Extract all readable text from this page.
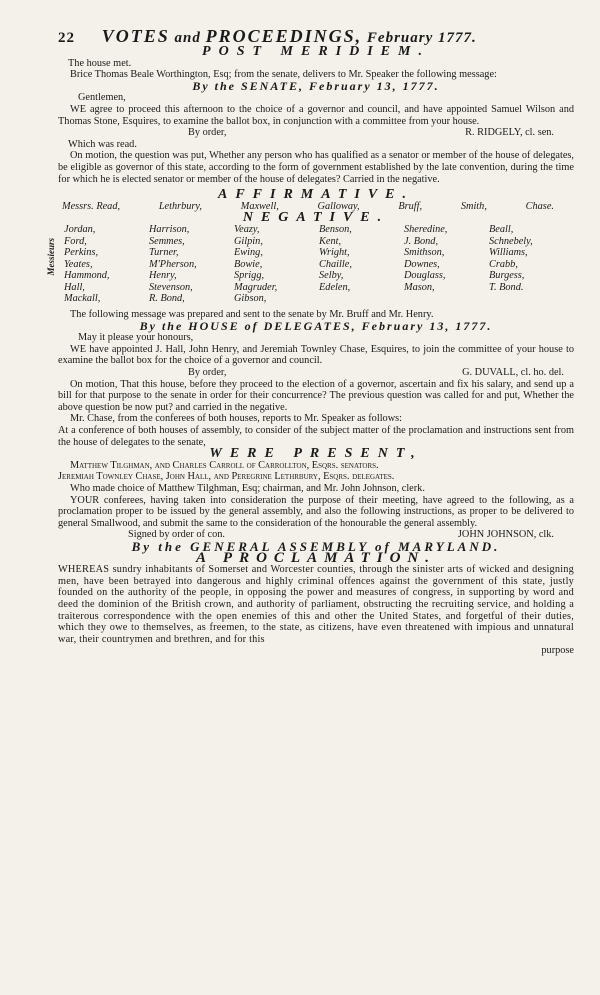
22 VOTES and PROCEEDINGS, February 1777.
POST MERIDIEM.

The house met.

Brice Thomas Beale Worthington, Esq; from the senate, delivers to Mr. Speaker the following message:

By the SENATE, February 13, 1777.

Gentlemen,

WE agree to proceed this afternoon to the choice of a governor and council, and have appointed Samuel Wilson and Thomas Stone, Esquires, to examine the ballot box, in conjunction with a committee from your house.

By order,	R. RIDGELY, cl. sen.

Which was read.

On motion, the question was put, Whether any person who has qualified as a senator or member of the house of delegates, be eligible as governor of this state, according to the form of government established by the late convention, during the time for which he is elected senator or member of the house of delegates? Carried in the negative.

AFFIRMATIVE.
Messrs. Read,	Lethrbury,	Maxwell,	Galloway,	Bruff,	Smith,	Chase.
NEGATIVE.
Messieurs
Jordan,	Harrison,	Veazy,	Benson,	Sheredine,	Beall,
Ford,	Semmes,	Gilpin,	Kent,	J. Bond,	Schnebely,
Perkins,	Turner,	Ewing,	Wright,	Smithson,	Williams,
Yeates,	M'Pherson,	Bowie,	Chaille,	Downes,	Crabb,
Hammond,	Henry,	Sprigg,	Selby,	Douglass,	Burgess,
Hall,	Stevenson,	Magruder,	Edelen,	Mason,	T. Bond.
Mackall,	R. Bond,	Gibson,

The following message was prepared and sent to the senate by Mr. Bruff and Mr. Henry.

By the HOUSE of DELEGATES, February 13, 1777.

May it please your honours,

WE have appointed J. Hall, John Henry, and Jeremiah Townley Chase, Esquires, to join the committee of your house to examine the ballot box for the choice of a governor and council.

By order,	G. DUVALL, cl. ho. del.

On motion, That this house, before they proceed to the election of a governor, ascertain and fix his salary, and send up a bill for that purpose to the senate in order for their concurrence? The previous question was called for and put, Whether the above question be now put? and carried in the negative.

Mr. Chase, from the conferees of both houses, reports to Mr. Speaker as follows:

At a conference of both houses of assembly, to consider of the subject matter of the proclamation and instructions sent from the house of delegates to the senate,

WERE PRESENT,

Matthew Tilghman, and Charles Carroll of Carrollton, Esqrs. senators.

Jeremiah Townley Chase, John Hall, and Peregrine Lethrbury, Esqrs. delegates.

Who made choice of Matthew Tilghman, Esq; chairman, and Mr. John Johnson, clerk.

YOUR conferees, having taken into consideration the purpose of their meeting, have agreed to the following, as a proclamation proper to be issued by the general assembly, and also the following instructions, as proper to be delivered to general Smallwood, and submit the same to the consideration of the honourable the general assembly.

Signed by order of con.	JOHN JOHNSON, clk.
By the GENERAL ASSEMBLY of MARYLAND.
A PROCLAMATION.

WHEREAS sundry inhabitants of Somerset and Worcester counties, through the sinister arts of wicked and designing men, have been betrayed into dangerous and highly criminal offences against the government of this state, justly founded on the authority of the people, in opposing the power and measures of congress, in supporting by word and deed the dominion of the British crown, and authority of parliament, obstructing the recruiting service, and holding a traiterous correspondence with the open enemies of this and other the United States, and forgetful of their duties, which they owe to themselves, as freemen, to the state, as citizens, have even threatened with impious and unnatural war, their countrymen and brethren, and for this

purpose
